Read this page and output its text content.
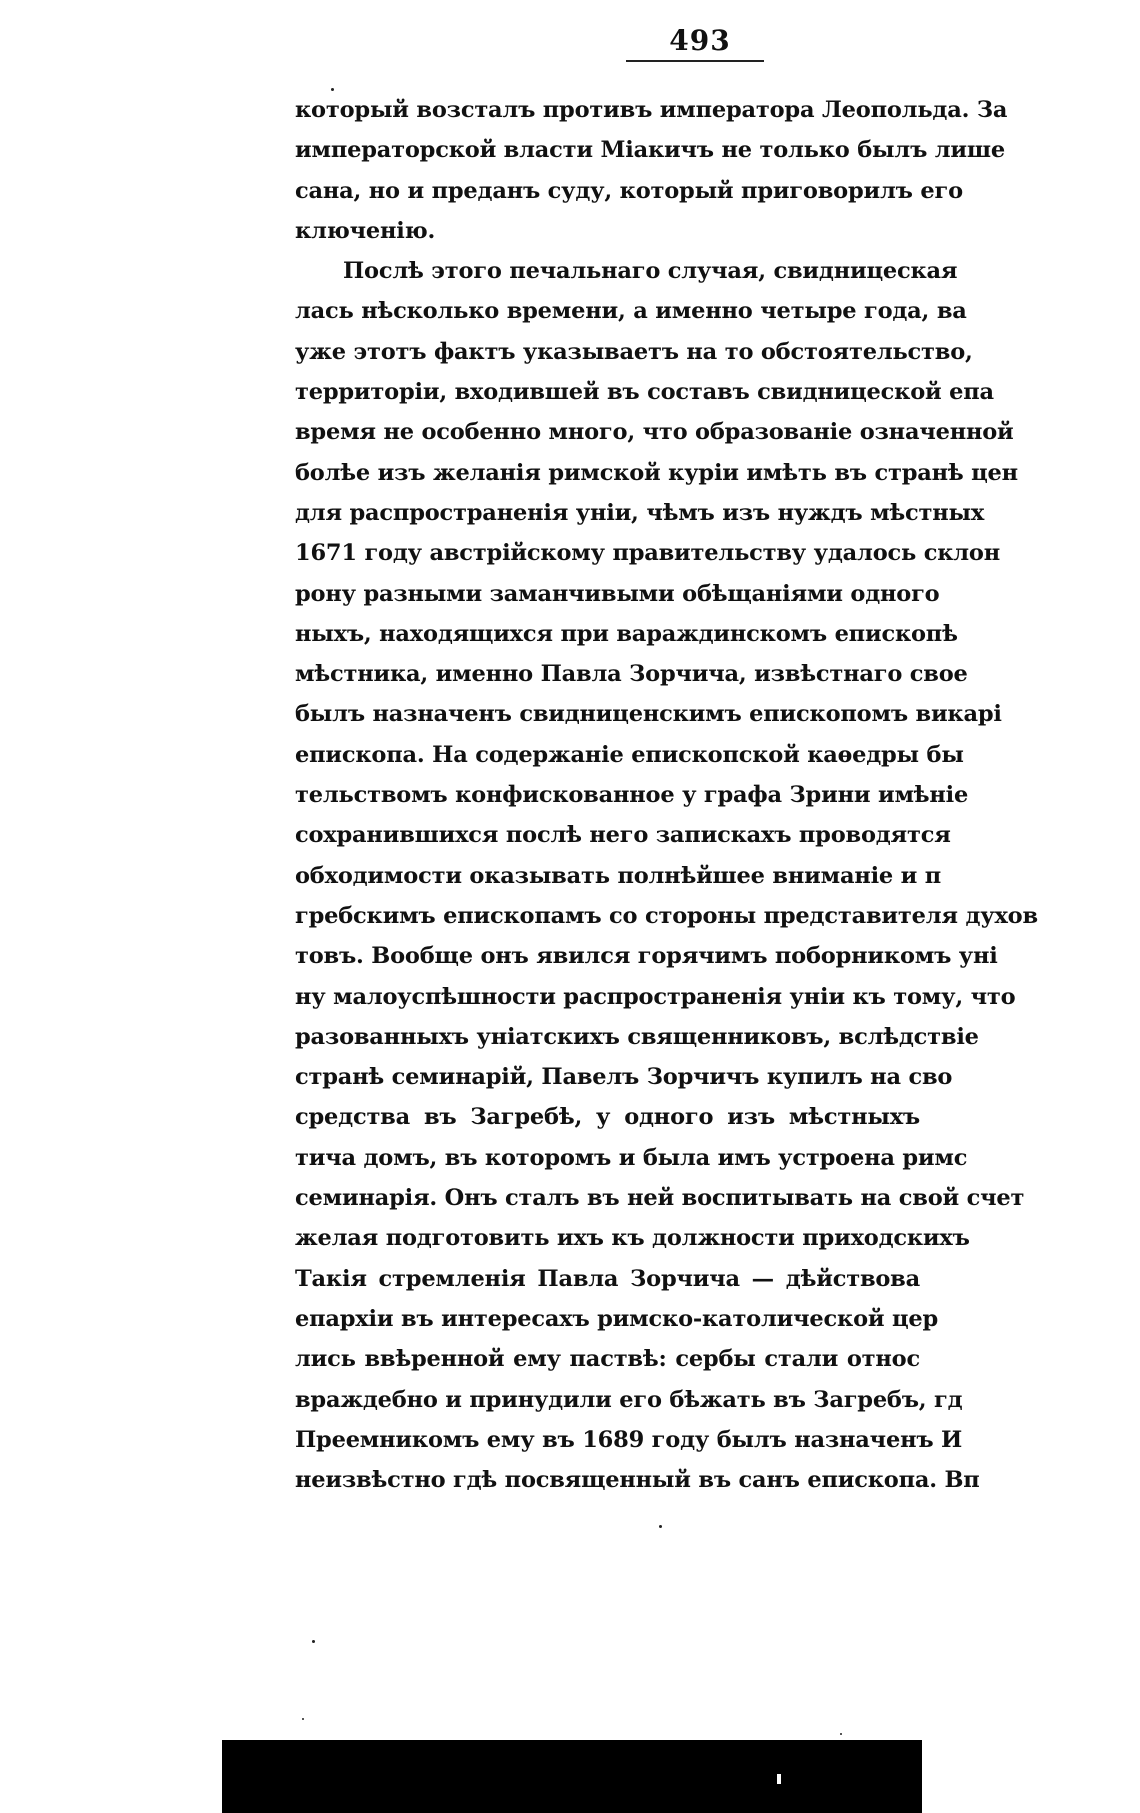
493
который возсталъ противъ императора Леопольда. За
императорской власти Міакичъ не только былъ лише
сана, но и преданъ суду, который приговорилъ его
ключенію.
Послѣ этого печальнаго случая, свидницеская
лась нѣсколько времени, а именно четыре года, ва
уже этотъ фактъ указываетъ на то обстоятельство,
территоріи, входившей въ составъ свидницеской епа
время не особенно много, что образованіе означенной
болѣе изъ желанія римской куріи имѣть въ странѣ цен
для распространенія уніи, чѣмъ изъ нуждъ мѣстных
1671 году австрійскому правительству удалось склон
рону разными заманчивыми обѣщаніями одного
ныхъ, находящихся при вараждинскомъ епископѣ
мѣстника, именно Павла Зорчича, извѣстнаго свое
былъ назначенъ свидниценскимъ епископомъ викарі
епископа. На содержаніе епископской каѳедры бы
тельствомъ конфискованное у графа Зрини имѣніе
сохранившихся послѣ него запискахъ проводятся
обходимости оказывать полнѣйшее вниманіе и п
гребскимъ епископамъ со стороны представителя духов
товъ. Вообще онъ явился горячимъ поборникомъ уні
ну малоуспѣшности распространенія уніи къ тому, что
разованныхъ уніатскихъ священниковъ, вслѣдствіе
странѣ семинарій, Павелъ Зорчичъ купилъ на сво
средства въ Загребѣ, у одного изъ мѣстныхъ
тича домъ, въ которомъ и была имъ устроена римс
семинарія. Онъ сталъ въ ней воспитывать на свой счет
желая подготовить ихъ къ должности приходскихъ
Такія стремленія Павла Зорчича — дѣйствова
епархіи въ интересахъ римско-католической цер
лись ввѣренной ему паствѣ: сербы стали относ
враждебно и принудили его бѣжать въ Загребъ, гд
Преемникомъ ему въ 1689 году былъ назначенъ И
неизвѣстно гдѣ посвященный въ санъ епископа. Вп
